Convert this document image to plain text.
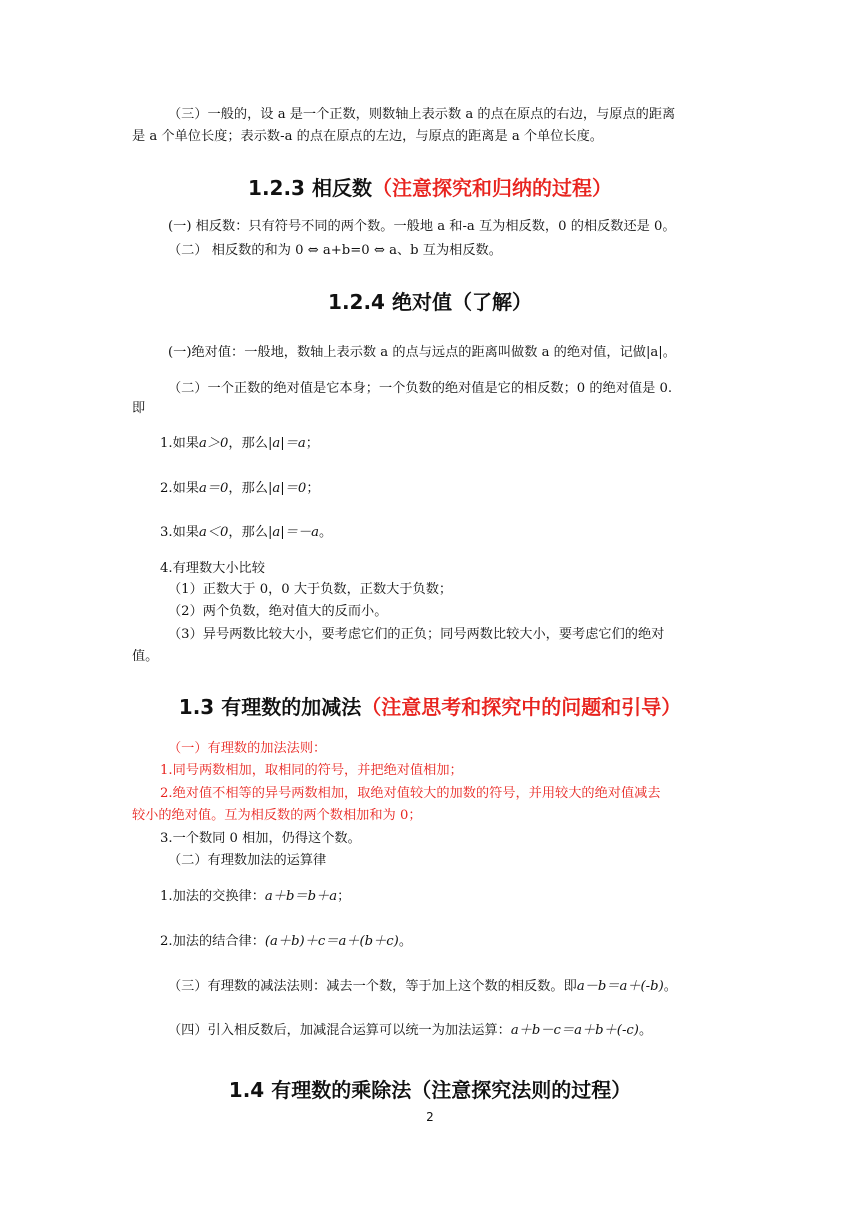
（三）一般的，设 a 是一个正数，则数轴上表示数 a 的点在原点的右边，与原点的距离
是 a 个单位长度；表示数-a 的点在原点的左边，与原点的距离是 a 个单位长度。
1.2.3 相反数（注意探究和归纳的过程）
(一) 相反数：只有符号不同的两个数。一般地 a 和-a 互为相反数，0 的相反数还是 0。
（二） 相反数的和为 0 ⇔ a+b=0 ⇔ a、b 互为相反数。
1.2.4 绝对值（了解）
(一)绝对值：一般地，数轴上表示数 a 的点与远点的距离叫做数 a 的绝对值，记做|a|。
（二）一个正数的绝对值是它本身；一个负数的绝对值是它的相反数；0 的绝对值是 0.
即
1.如果a＞0，那么|a|＝a；
2.如果a＝0，那么|a|＝0；
3.如果a＜0，那么|a|＝－a。
4.有理数大小比较
（1）正数大于 0，0 大于负数，正数大于负数；
（2）两个负数，绝对值大的反而小。
（3）异号两数比较大小，要考虑它们的正负；同号两数比较大小，要考虑它们的绝对
值。
1.3 有理数的加减法（注意思考和探究中的问题和引导）
（一）有理数的加法法则：
1.同号两数相加，取相同的符号，并把绝对值相加；
2.绝对值不相等的异号两数相加，取绝对值较大的加数的符号，并用较大的绝对值减去
较小的绝对值。互为相反数的两个数相加和为 0；
3.一个数同 0 相加，仍得这个数。
（二）有理数加法的运算律
1.加法的交换律：a＋b＝b＋a；
2.加法的结合律：(a＋b)＋c＝a＋(b＋c)。
（三）有理数的减法法则：减去一个数，等于加上这个数的相反数。即a－b＝a＋(-b)。
（四）引入相反数后，加减混合运算可以统一为加法运算：a＋b－c＝a＋b＋(-c)。
1.4 有理数的乘除法（注意探究法则的过程）
2
